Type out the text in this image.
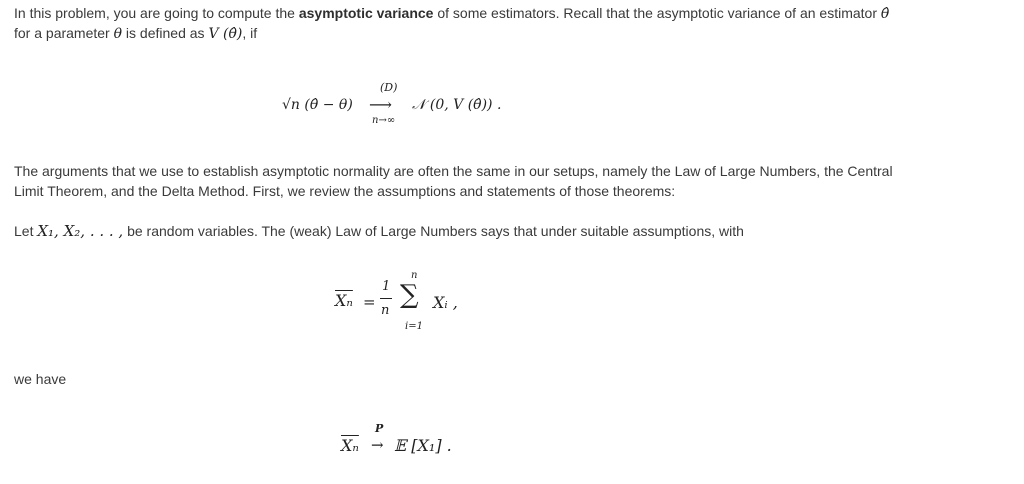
In this problem, you are going to compute the asymptotic variance of some estimators. Recall that the asymptotic variance of an estimator θ̂
for a parameter θ is defined as V (θ̂), if
√n (θ̂ − θ)
(D)
⟶
n→∞
𝒩 (0, V (θ̂)) .
The arguments that we use to establish asymptotic normality are often the same in our setups, namely the Law of Large Numbers, the Central
Limit Theorem, and the Delta Method. First, we review the assumptions and statements of those theorems:
Let X₁, X₂, . . . , be random variables. The (weak) Law of Large Numbers says that under suitable assumptions, with
$\overline{X_n}$ =
1
n
n
∑
i=1
Xᵢ ,
we have
$\overline{X_n}$
P
→ 𝔼 [X₁] .
